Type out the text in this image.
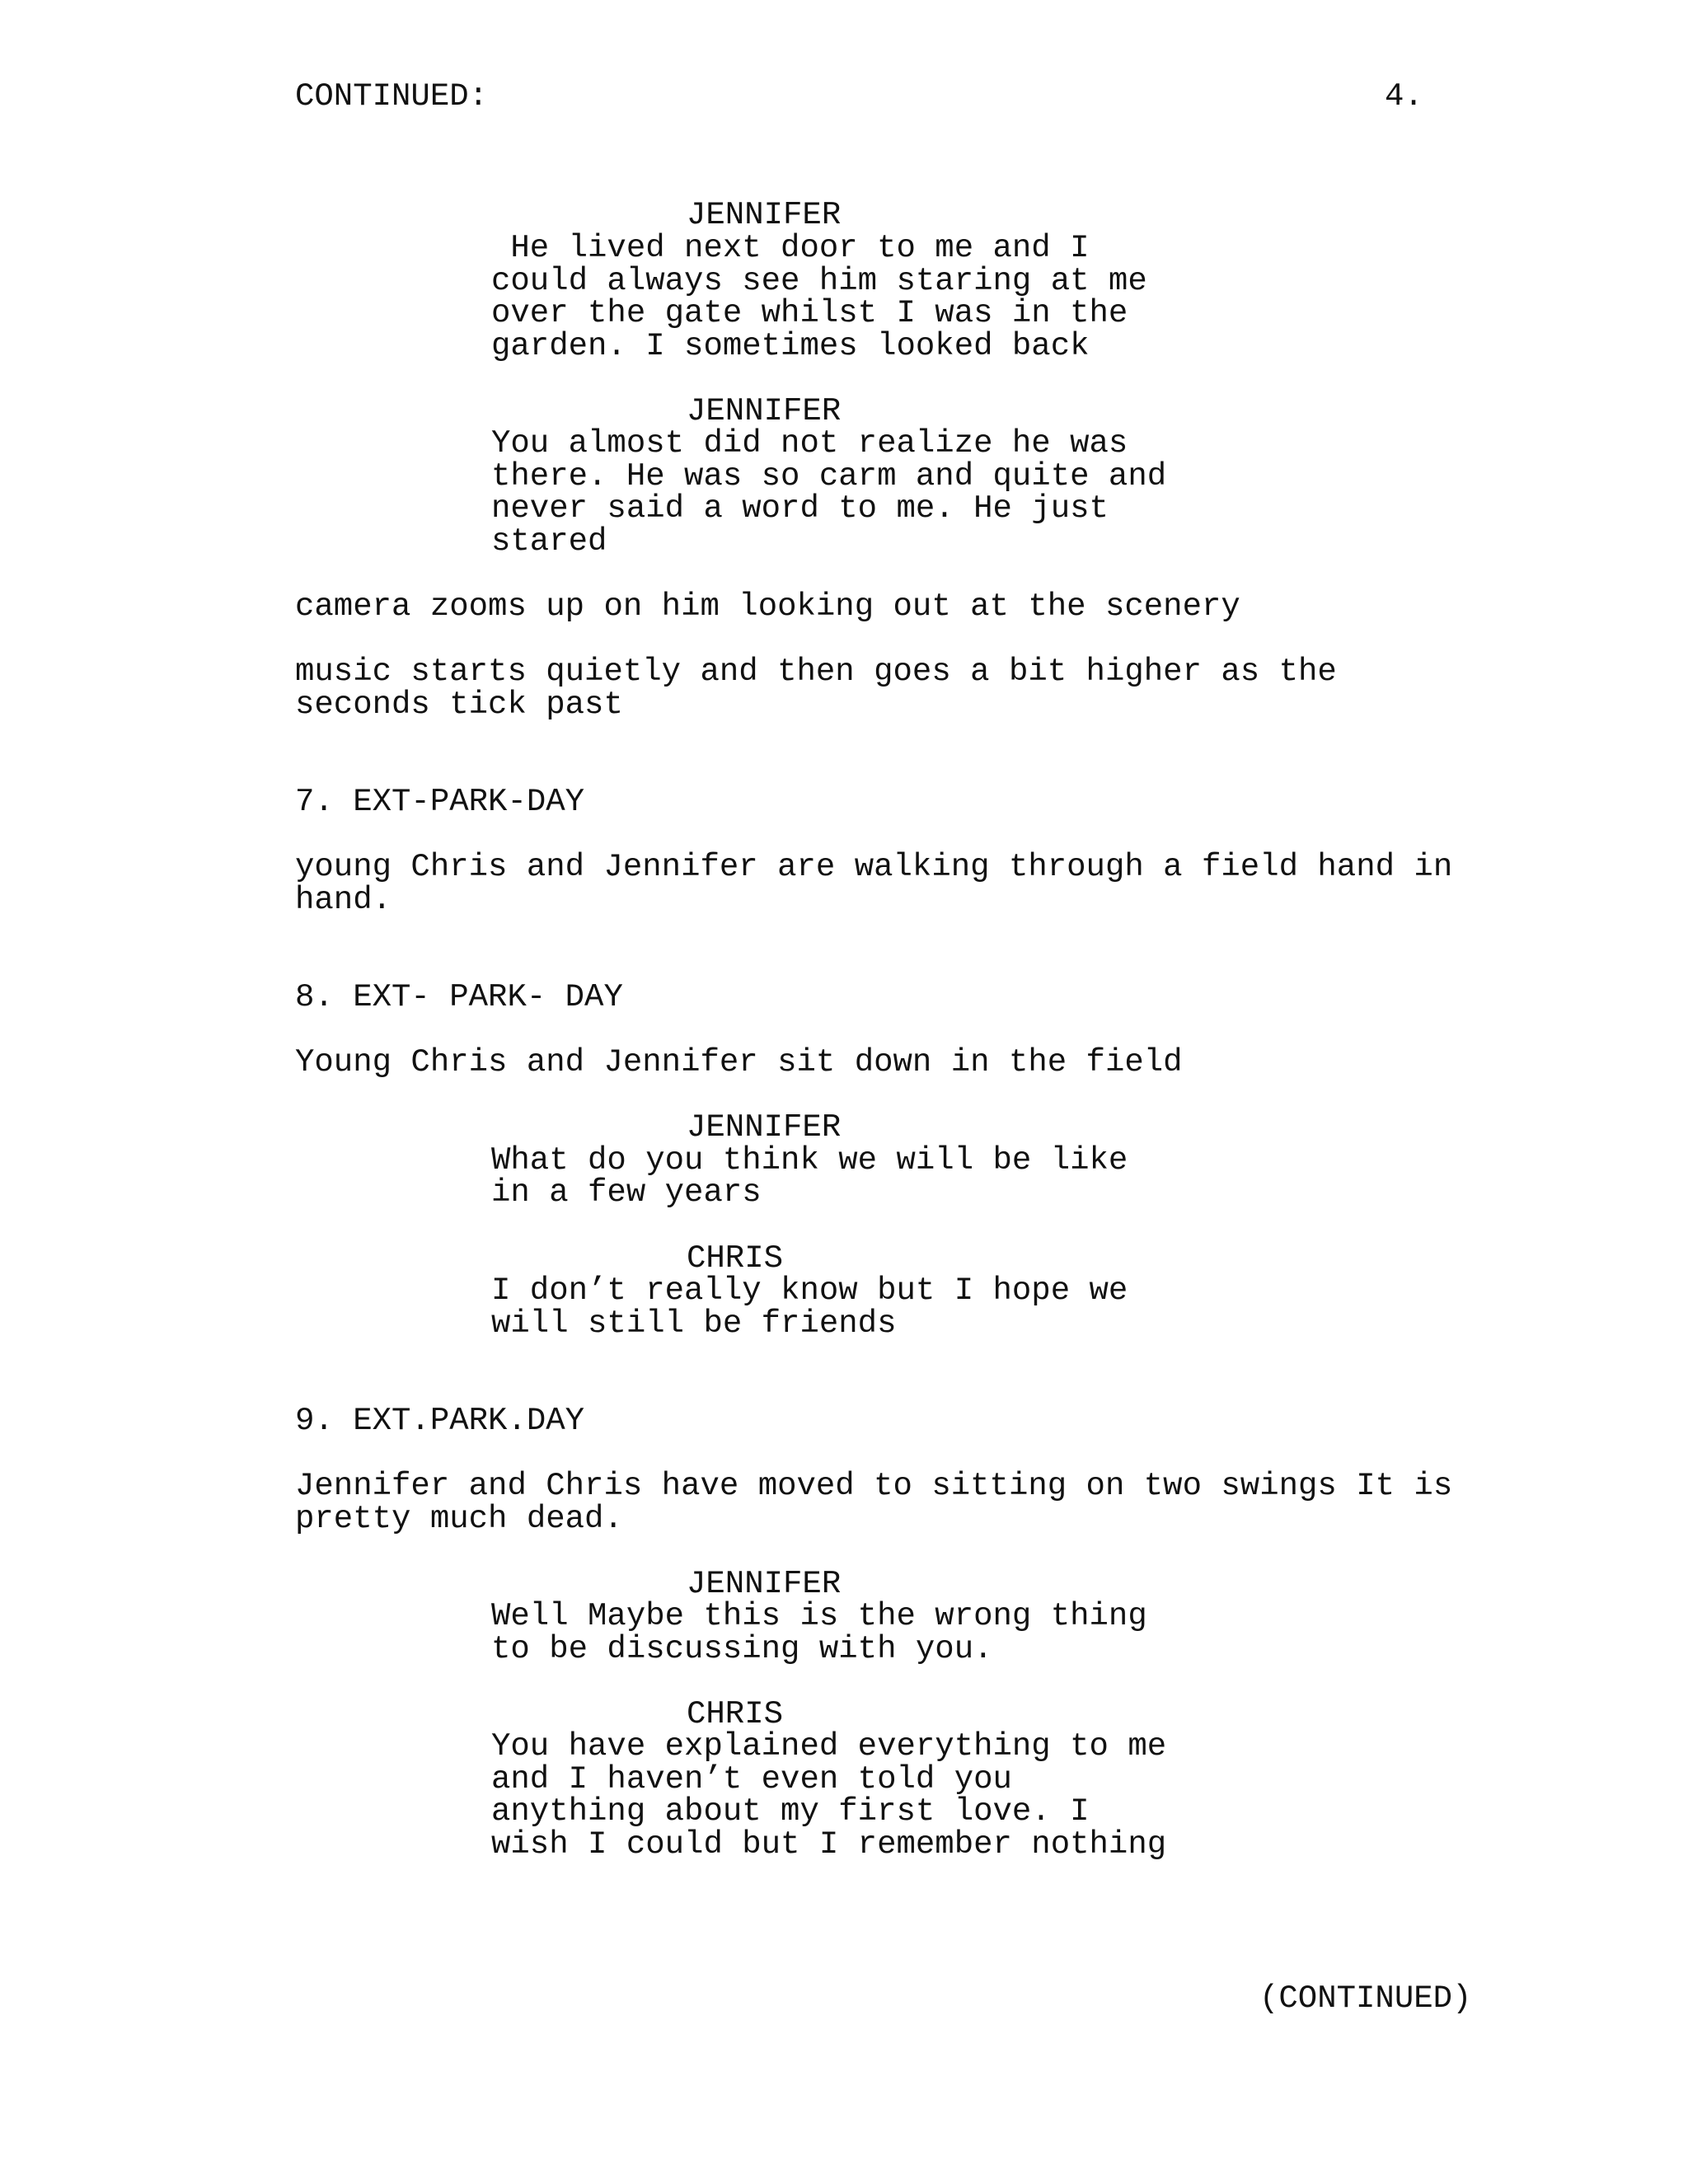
CONTINUED:	4.
JENNIFER
He lived next door to me and I
could always see him staring at me
over the gate whilst I was in the
garden. I sometimes looked back
JENNIFER
You almost did not realize he was
there. He was so carm and quite and
never said a word to me. He just
stared
camera zooms up on him looking out at the scenery
music starts quietly and then goes a bit higher as the
seconds tick past
7. EXT-PARK-DAY
young Chris and Jennifer are walking through a field hand in
hand.
8. EXT- PARK- DAY
Young Chris and Jennifer sit down in the field
JENNIFER
What do you think we will be like
in a few years
CHRIS
I don’t really know but I hope we
will still be friends
9. EXT.PARK.DAY
Jennifer and Chris have moved to sitting on two swings It is
pretty much dead.
JENNIFER
Well Maybe this is the wrong thing
to be discussing with you.
CHRIS
You have explained everything to me
and I haven’t even told you
anything about my first love. I
wish I could but I remember nothing
(CONTINUED)
